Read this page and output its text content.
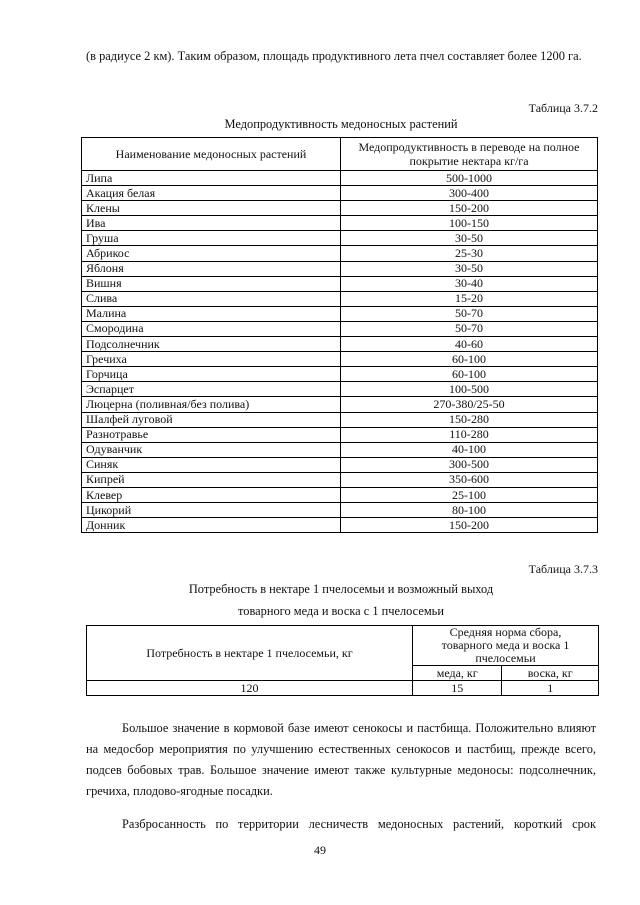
(в радиусе 2 км). Таким образом, площадь продуктивного лета пчел составляет более 1200 га.
Таблица 3.7.2
Медопродуктивность медоносных растений
Наименование медоносных растений	Медопродуктивность в переводе на полное покрытие нектара кг/га
Липа	500-1000
Акация белая	300-400
Клены	150-200
Ива	100-150
Груша	30-50
Абрикос	25-30
Яблоня	30-50
Вишня	30-40
Слива	15-20
Малина	50-70
Смородина	50-70
Подсолнечник	40-60
Гречиха	60-100
Горчица	60-100
Эспарцет	100-500
Люцерна (поливная/без полива)	270-380/25-50
Шалфей луговой	150-280
Разнотравье	110-280
Одуванчик	40-100
Синяк	300-500
Кипрей	350-600
Клевер	25-100
Цикорий	80-100
Донник	150-200
Таблица 3.7.3
Потребность в нектаре 1 пчелосемьи и возможный выход
товарного меда и воска с 1 пчелосемьи
Потребность в нектаре 1 пчелосемьи, кг	Средняя норма сбора, товарного меда и воска 1 пчелосемьи	
	меда, кг	воска, кг
120	15	1
Большое значение в кормовой базе имеют сенокосы и пастбища. Положительно влияют на медосбор мероприятия по улучшению естественных сенокосов и пастбищ, прежде всего, подсев бобовых трав. Большое значение имеют также культурные медоносы: подсолнечник, гречиха, плодово-ягодные посадки.
Разбросанность по территории лесничеств медоносных растений, короткий срок
49
